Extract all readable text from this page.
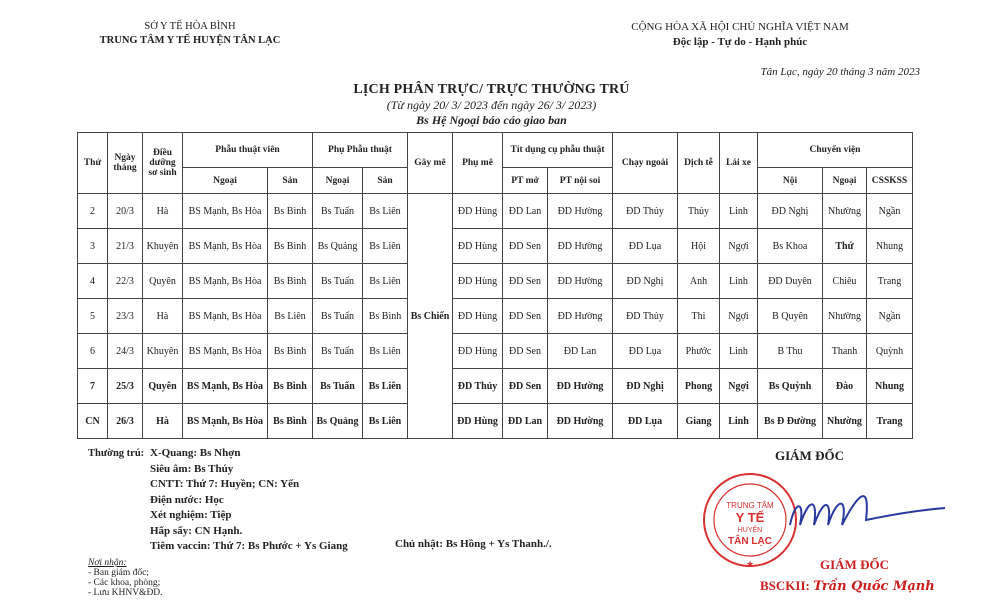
SỞ Y TẾ HÒA BÌNH
TRUNG TÂM Y TẾ HUYỆN TÂN LẠC
CỘNG HÒA XÃ HỘI CHỦ NGHĨA VIỆT NAM
Độc lập - Tự do - Hạnh phúc
Tân Lạc, ngày 20 tháng 3 năm 2023
LỊCH PHÂN TRỰC/ TRỰC THƯỜNG TRÚ
(Từ ngày 20/ 3/ 2023 đến ngày 26/ 3/ 2023)
Bs Hệ Ngoại báo cáo giao ban
Thứ	Ngày tháng	Điều dưỡng sơ sinh	Phẫu thuật viên		Phụ Phẫu thuật		Gây mê	Phụ mê	Tít dụng cụ phẫu thuật		Chạy ngoài	Dịch tễ	Lái xe	Chuyển viện		
			Ngoại	Sản	Ngoại	Sản			PT mở	PT nội soi				Nội	Ngoại	CSSKSS
2	20/3	Hà	BS Mạnh, Bs Hòa	Bs Bình	Bs Tuấn	Bs Liên	Bs Chiến	ĐD Hùng	ĐD Lan	ĐD Hường	ĐD Thủy	Thủy	Linh	ĐD Nghị	Nhường	Ngần
3	21/3	Khuyên	BS Mạnh, Bs Hòa	Bs Bình	Bs Quảng	Bs Liên		ĐD Hùng	ĐD Sen	ĐD Hường	ĐD Lụa	Hội	Ngợi	Bs Khoa	Thứ	Nhung
4	22/3	Quyên	BS Mạnh, Bs Hòa	Bs Bình	Bs Tuấn	Bs Liên		ĐD Hùng	ĐD Sen	ĐD Hường	ĐD Nghị	Anh	Linh	ĐD Duyên	Chiêu	Trang
5	23/3	Hà	BS Mạnh, Bs Hòa	Bs Liên	Bs Tuấn	Bs Bình		ĐD Hùng	ĐD Sen	ĐD Hường	ĐD Thủy	Thi	Ngợi	B Quyên	Nhường	Ngần
6	24/3	Khuyên	BS Mạnh, Bs Hòa	Bs Bình	Bs Tuấn	Bs Liên		ĐD Hùng	ĐD Sen	ĐD Lan	ĐD Lụa	Phước	Linh	B Thu	Thanh	Quỳnh
7	25/3	Quyên	BS Mạnh, Bs Hòa	Bs Bình	Bs Tuấn	Bs Liên		ĐD Thủy	ĐD Sen	ĐD Hường	ĐD Nghị	Phong	Ngợi	Bs Quỳnh	Đào	Nhung
CN	26/3	Hà	BS Mạnh, Bs Hòa	Bs Bình	Bs Quảng	Bs Liên		ĐD Hùng	ĐD Lan	ĐD Hường	ĐD Lụa	Giang	Linh	Bs Đ Đường	Nhường	Trang
Thường trú: X-Quang: Bs Nhợn
Siêu âm: Bs Thúy
CNTT: Thứ 7: Huyền; CN: Yến
Điện nước: Học
Xét nghiệm: Tiệp
Hấp sấy: CN Hạnh.
Tiêm vaccin: Thứ 7: Bs Phước + Ys Giang	Chủ nhật: Bs Hồng + Ys Thanh./.
Nơi nhận:
- Ban giám đốc;
- Các khoa, phòng;
- Lưu KHNV&ĐD.
GIÁM ĐỐC
TRUNG TÂM
Y TẾ
HUYỆN
TÂN LẠC
★	GIÁM ĐỐC
BSCKII: Trần Quốc Mạnh
